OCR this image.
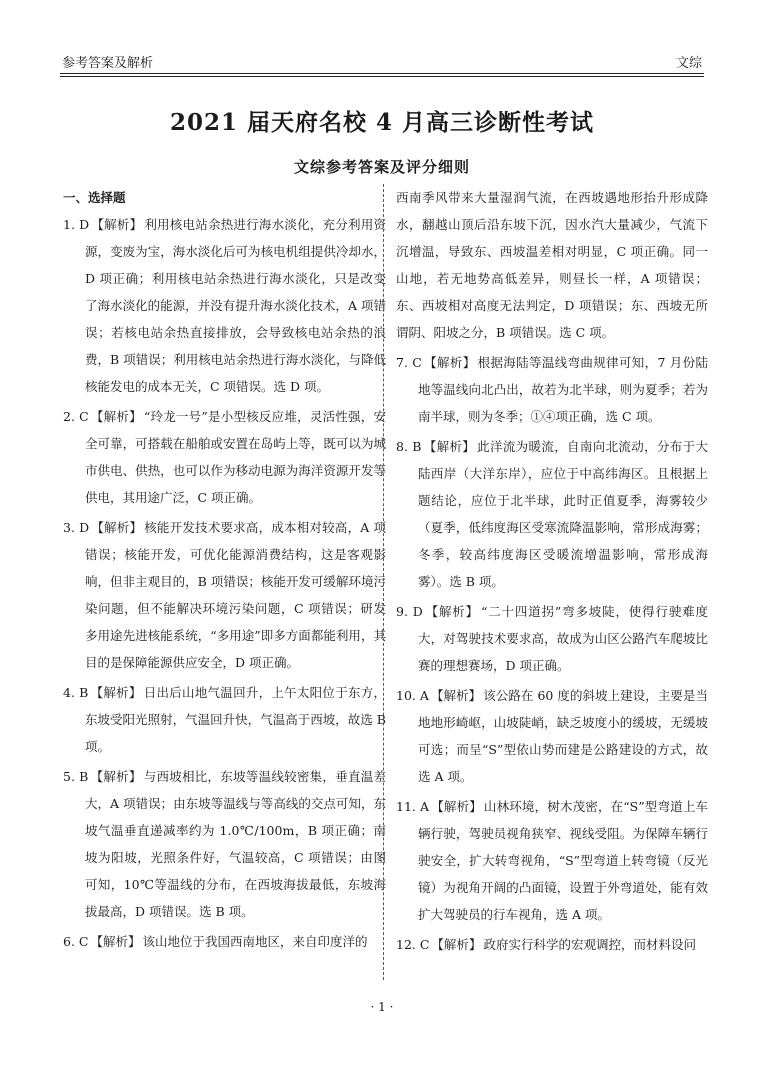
参考答案及解析	文综
2021 届天府名校 4 月高三诊断性考试
文综参考答案及评分细则

一、选择题

1. D 【解析】 利用核电站余热进行海水淡化，充分利用资源，变废为宝，海水淡化后可为核电机组提供冷却水，D 项正确；利用核电站余热进行海水淡化，只是改变了海水淡化的能源，并没有提升海水淡化技术，A 项错误；若核电站余热直接排放，会导致核电站余热的浪费，B 项错误；利用核电站余热进行海水淡化，与降低核能发电的成本无关，C 项错误。选 D 项。

2. C 【解析】 “玲龙一号”是小型核反应堆，灵活性强，安全可靠，可搭载在船舶或安置在岛屿上等，既可以为城市供电、供热，也可以作为移动电源为海洋资源开发等供电，其用途广泛，C 项正确。

3. D 【解析】 核能开发技术要求高，成本相对较高，A 项错误；核能开发，可优化能源消费结构，这是客观影响，但非主观目的，B 项错误；核能开发可缓解环境污染问题，但不能解决环境污染问题，C 项错误；研发多用途先进核能系统，“多用途”即多方面都能利用，其目的是保障能源供应安全，D 项正确。

4. B 【解析】 日出后山地气温回升，上午太阳位于东方，东坡受阳光照射，气温回升快，气温高于西坡，故选 B 项。

5. B 【解析】 与西坡相比，东坡等温线较密集，垂直温差大，A 项错误；由东坡等温线与等高线的交点可知，东坡气温垂直递减率约为 1.0℃/100m，B 项正确；南坡为阳坡，光照条件好，气温较高，C 项错误；由图可知，10℃等温线的分布，在西坡海拔最低，东坡海拔最高，D 项错误。选 B 项。

6. C 【解析】 该山地位于我国西南地区，来自印度洋的

西南季风带来大量湿润气流，在西坡遇地形抬升形成降水，翻越山顶后沿东坡下沉，因水汽大量减少，气流下沉增温，导致东、西坡温差相对明显，C 项正确。同一山地，若无地势高低差异，则昼长一样，A 项错误；东、西坡相对高度无法判定，D 项错误；东、西坡无所谓阴、阳坡之分，B 项错误。选 C 项。

7. C 【解析】 根据海陆等温线弯曲规律可知，7 月份陆地等温线向北凸出，故若为北半球，则为夏季；若为南半球，则为冬季；①④项正确，选 C 项。

8. B 【解析】 此洋流为暖流，自南向北流动，分布于大陆西岸（大洋东岸），应位于中高纬海区。且根据上题结论，应位于北半球，此时正值夏季，海雾较少（夏季，低纬度海区受寒流降温影响，常形成海雾；冬季，较高纬度海区受暖流增温影响，常形成海雾）。选 B 项。

9. D 【解析】 “二十四道拐”弯多坡陡，使得行驶难度大，对驾驶技术要求高，故成为山区公路汽车爬坡比赛的理想赛场，D 项正确。

10. A 【解析】 该公路在 60 度的斜坡上建设，主要是当地地形崎岖，山坡陡峭，缺乏坡度小的缓坡，无缓坡可选；而呈“S”型依山势而建是公路建设的方式，故选 A 项。

11. A 【解析】 山林环境，树木茂密，在“S”型弯道上车辆行驶，驾驶员视角狭窄、视线受阻。为保障车辆行驶安全，扩大转弯视角，“S”型弯道上转弯镜（反光镜）为视角开阔的凸面镜，设置于外弯道处，能有效扩大驾驶员的行车视角，选 A 项。

12. C 【解析】 政府实行科学的宏观调控，而材料设问

· 1 ·
